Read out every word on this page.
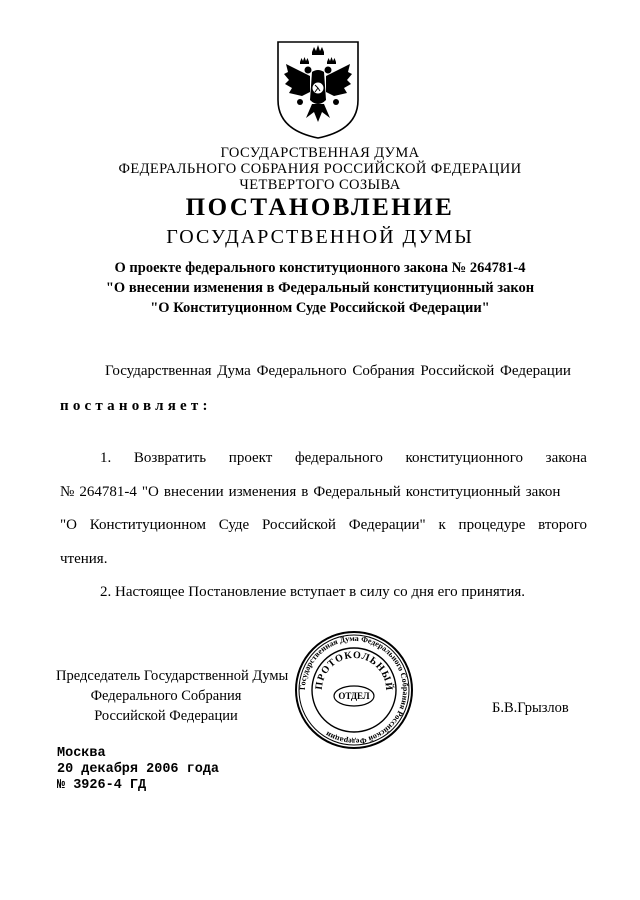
ГОСУДАРСТВЕННАЯ ДУМА
ФЕДЕРАЛЬНОГО СОБРАНИЯ РОССИЙСКОЙ ФЕДЕРАЦИИ
ЧЕТВЕРТОГО СОЗЫВА
ПОСТАНОВЛЕНИЕ
ГОСУДАРСТВЕННОЙ ДУМЫ
О проекте федерального конституционного закона № 264781-4
"О внесении изменения в Федеральный конституционный закон
"О Конституционном Суде Российской Федерации"
Государственная Дума Федерального Собрания Российской Федерации
постановляет:
1. Возвратить проект федерального конституционного закона
№ 264781-4 "О внесении изменения в Федеральный конституционный закон
"О Конституционном Суде Российской Федерации" к процедуре второго
чтения.
2. Настоящее Постановление вступает в силу со дня его принятия.
Председатель Государственной Думы
Федерального Собрания
Российской Федерации
Государственная Дума Федерального Собрания Российской Федерации
ПРОТОКОЛЬНЫЙ
ОТДЕЛ
Б.В.Грызлов
Москва
20 декабря 2006 года
№ 3926-4 ГД
